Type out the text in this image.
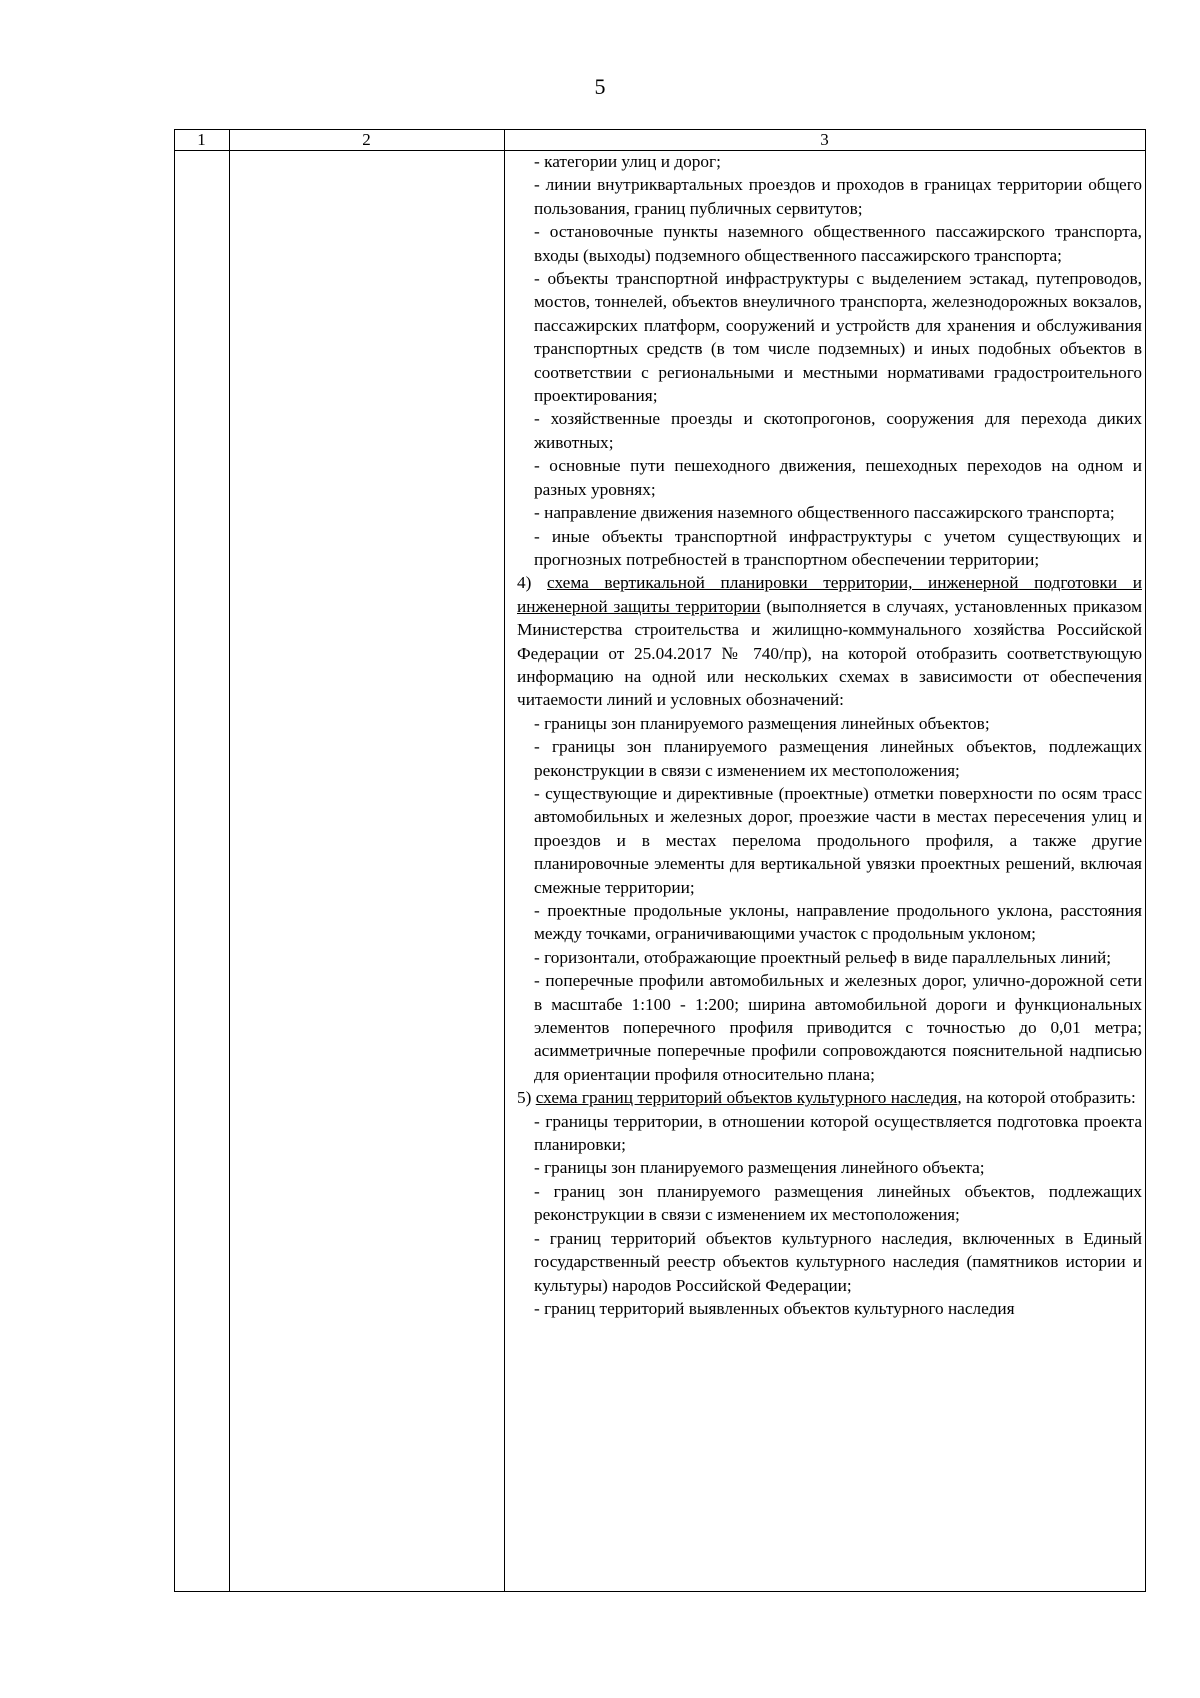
5
1	2	3

- категории улиц и дорог;

- линии внутриквартальных проездов и проходов в границах территории общего пользования, границ публичных сервитутов;

- остановочные пункты наземного общественного пассажирского транспорта, входы (выходы) подземного общественного пассажирского транспорта;

- объекты транспортной инфраструктуры с выделением эстакад, путепроводов, мостов, тоннелей, объектов внеуличного транспорта, железнодорожных вокзалов, пассажирских платформ, сооружений и устройств для хранения и обслуживания транспортных средств (в том числе подземных) и иных подобных объектов в соответствии с региональными и местными нормативами градостроительного проектирования;

- хозяйственные проезды и скотопрогонов, сооружения для перехода диких животных;

- основные пути пешеходного движения, пешеходных переходов на одном и разных уровнях;

- направление движения наземного общественного пассажирского транспорта;

- иные объекты транспортной инфраструктуры с учетом существующих и прогнозных потребностей в транспортном обеспечении территории;

4) схема вертикальной планировки территории, инженерной подготовки и инженерной защиты территории (выполняется в случаях, установленных приказом Министерства строительства и жилищно-коммунального хозяйства Российской Федерации от 25.04.2017 № 740/пр), на которой отобразить соответствующую информацию на одной или нескольких схемах в зависимости от обеспечения читаемости линий и условных обозначений:

- границы зон планируемого размещения линейных объектов;

- границы зон планируемого размещения линейных объектов, подлежащих реконструкции в связи с изменением их местоположения;

- существующие и директивные (проектные) отметки поверхности по осям трасс автомобильных и железных дорог, проезжие части в местах пересечения улиц и проездов и в местах перелома продольного профиля, а также другие планировочные элементы для вертикальной увязки проектных решений, включая смежные территории;

- проектные продольные уклоны, направление продольного уклона, расстояния между точками, ограничивающими участок с продольным уклоном;

- горизонтали, отображающие проектный рельеф в виде параллельных линий;

- поперечные профили автомобильных и железных дорог, улично-дорожной сети в масштабе 1:100 - 1:200; ширина автомобильной дороги и функциональных элементов поперечного профиля приводится с точностью до 0,01 метра; асимметричные поперечные профили сопровождаются пояснительной надписью для ориентации профиля относительно плана;

5) схема границ территорий объектов культурного наследия, на которой отобразить:

- границы территории, в отношении которой осуществляется подготовка проекта планировки;

- границы зон планируемого размещения линейного объекта;

- границ зон планируемого размещения линейных объектов, подлежащих реконструкции в связи с изменением их местоположения;

- границ территорий объектов культурного наследия, включенных в Единый государственный реестр объектов культурного наследия (памятников истории и культуры) народов Российской Федерации;

- границ территорий выявленных объектов культурного наследия
